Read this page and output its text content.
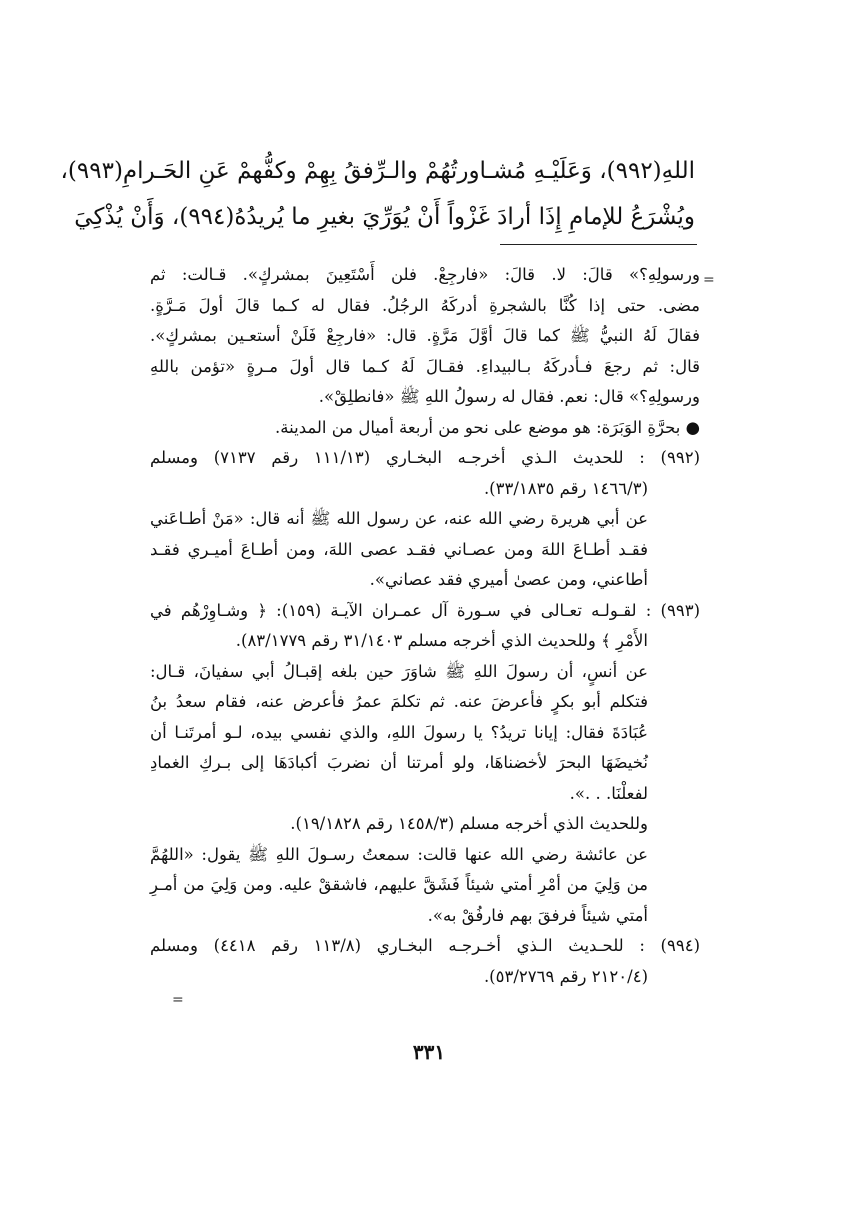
اللهِ(٩٩٢)، وَعَلَيْـهِ مُشـاورتُهُمْ والـرِّفقُ بِهِمْ وكفُّهمْ عَنِ الحَـرامِ(٩٩٣)،
ويُشْرَعُ للإمامِ إِذَا أرادَ غَزْواً أَنْ يُوَرِّيَ بغيرِ ما يُريدُهُ(٩٩٤)، وَأَنْ يُذْكِيَ
=
=
ورسولِهِ؟» قالَ: لا. قالَ: «فارجِعْ. فلن أَسْتَعِينَ بمشركٍ». قـالت: ثم
مضى. حتى إذا كُنَّا بالشجرةِ أدركَهُ الرجُلُ. فقال له كـما قالَ أولَ مَـرَّةٍ.
فقالَ لَهُ النبيُّ ﷺ كما قالَ أوَّلَ مَرَّةٍ. قال: «فارجِعْ فَلَنْ أستعـين بمشركٍ».
قال: ثم رجعَ فـأدركَهُ بـالبيداءِ. فقـالَ لَهُ كـما قال أولَ مـرةٍ «تؤمن باللهِ
ورسولِهِ؟» قال: نعم. فقال له رسولُ اللهِ ﷺ «فانطلِقْ».
● بحرَّةِ الوَبَرَة: هو موضع على نحو من أربعة أميال من المدينة.
(٩٩٢) : للحديث الـذي أخرجـه البخـاري (١١١/١٣ رقم ٧١٣٧) ومسلم
(١٤٦٦/٣ رقم ٣٣/١٨٣٥).
عن أبي هريرة رضي الله عنه، عن رسول الله ﷺ أنه قال: «مَنْ أطـاعَني
فقـد أطـاعَ اللهَ ومن عصـاني فقـد عصى اللهَ، ومن أطـاعَ أميـري فقـد
أطاعني، ومن عصىٰ أميري فقد عصاني».
(٩٩٣) : لقـولـه تعـالى في سـورة آل عمـران الآيـة (١٥٩): ﴿ وشـاوِرْهُم في
الأَمْرِ ﴾ وللحديث الذي أخرجه مسلم ٣١/١٤٠٣ رقم ٨٣/١٧٧٩).
عن أنسٍ، أن رسولَ اللهِ ﷺ شاوَرَ حين بلغه إقبـالُ أبي سفيانَ، قـال:
فتكلم أبو بكرٍ فأعرضَ عنه. ثم تكلمَ عمرُ فأعرض عنه، فقام سعدُ بنُ
عُبَادَةَ فقال: إيانا تريدُ؟ يا رسولَ اللهِ، والذي نفسي بيده، لـو أمرتَنـا أن
نُخيضَهَا البحرَ لأخضناهَا، ولو أمرتنا أن نضربَ أكبادَهَا إلى بـركِ الغمادِ
لفعلْنَا. . .».
وللحديث الذي أخرجه مسلم (١٤٥٨/٣ رقم ١٩/١٨٢٨).
عن عائشة رضي الله عنها قالت: سمعتُ رسـولَ اللهِ ﷺ يقول: «اللهُمَّ
من وَلِيَ من أمْرِ أمتي شيئاً فَشَقَّ عليهم، فاشققْ عليه. ومن وَلِيَ من أمـرِ
أمتي شيئاً فرفقَ بهم فارفُقْ به».
(٩٩٤) : للحـديث الـذي أخـرجـه البخـاري (١١٣/٨ رقم ٤٤١٨) ومسلم
(٢١٢٠/٤ رقم ٥٣/٢٧٦٩).
٣٣١
